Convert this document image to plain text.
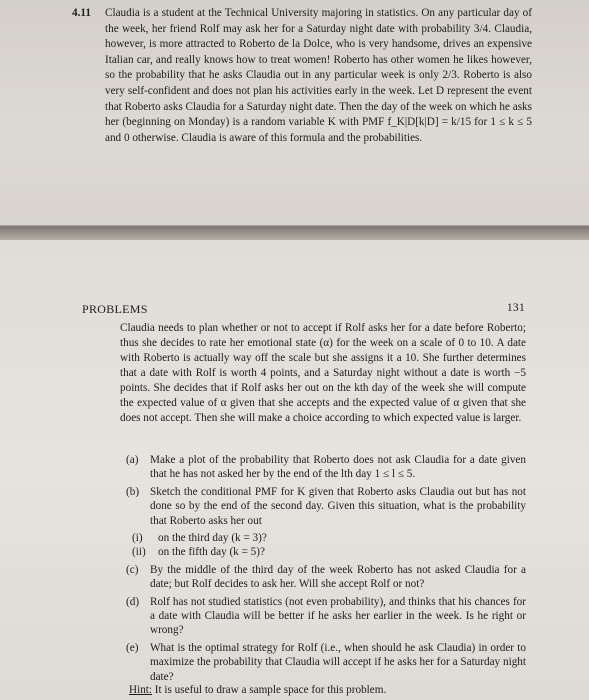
4.11 Claudia is a student at the Technical University majoring in statistics. On any particular day of the week, her friend Rolf may ask her for a Saturday night date with probability 3/4. Claudia, however, is more attracted to Roberto de la Dolce, who is very handsome, drives an expensive Italian car, and really knows how to treat women! Roberto has other women he likes however, so the probability that he asks Claudia out in any particular week is only 2/3. Roberto is also very self-confident and does not plan his activities early in the week. Let D represent the event that Roberto asks Claudia for a Saturday night date. Then the day of the week on which he asks her (beginning on Monday) is a random variable K with PMF f_K|D[k|D] = k/15 for 1 ≤ k ≤ 5 and 0 otherwise. Claudia is aware of this formula and the probabilities.
PROBLEMS	131
Claudia needs to plan whether or not to accept if Rolf asks her for a date before Roberto; thus she decides to rate her emotional state (α) for the week on a scale of 0 to 10. A date with Roberto is actually way off the scale but she assigns it a 10. She further determines that a date with Rolf is worth 4 points, and a Saturday night without a date is worth −5 points. She decides that if Rolf asks her out on the kth day of the week she will compute the expected value of α given that she accepts and the expected value of α given that she does not accept. Then she will make a choice according to which expected value is larger.
(a) Make a plot of the probability that Roberto does not ask Claudia for a date given that he has not asked her by the end of the lth day 1 ≤ l ≤ 5.
(b) Sketch the conditional PMF for K given that Roberto asks Claudia out but has not done so by the end of the second day. Given this situation, what is the probability that Roberto asks her out
(i) on the third day (k = 3)?
(ii) on the fifth day (k = 5)?
(c) By the middle of the third day of the week Roberto has not asked Claudia for a date; but Rolf decides to ask her. Will she accept Rolf or not?
(d) Rolf has not studied statistics (not even probability), and thinks that his chances for a date with Claudia will be better if he asks her earlier in the week. Is he right or wrong?
(e) What is the optimal strategy for Rolf (i.e., when should he ask Claudia) in order to maximize the probability that Claudia will accept if he asks her for a Saturday night date?
Hint: It is useful to draw a sample space for this problem.
